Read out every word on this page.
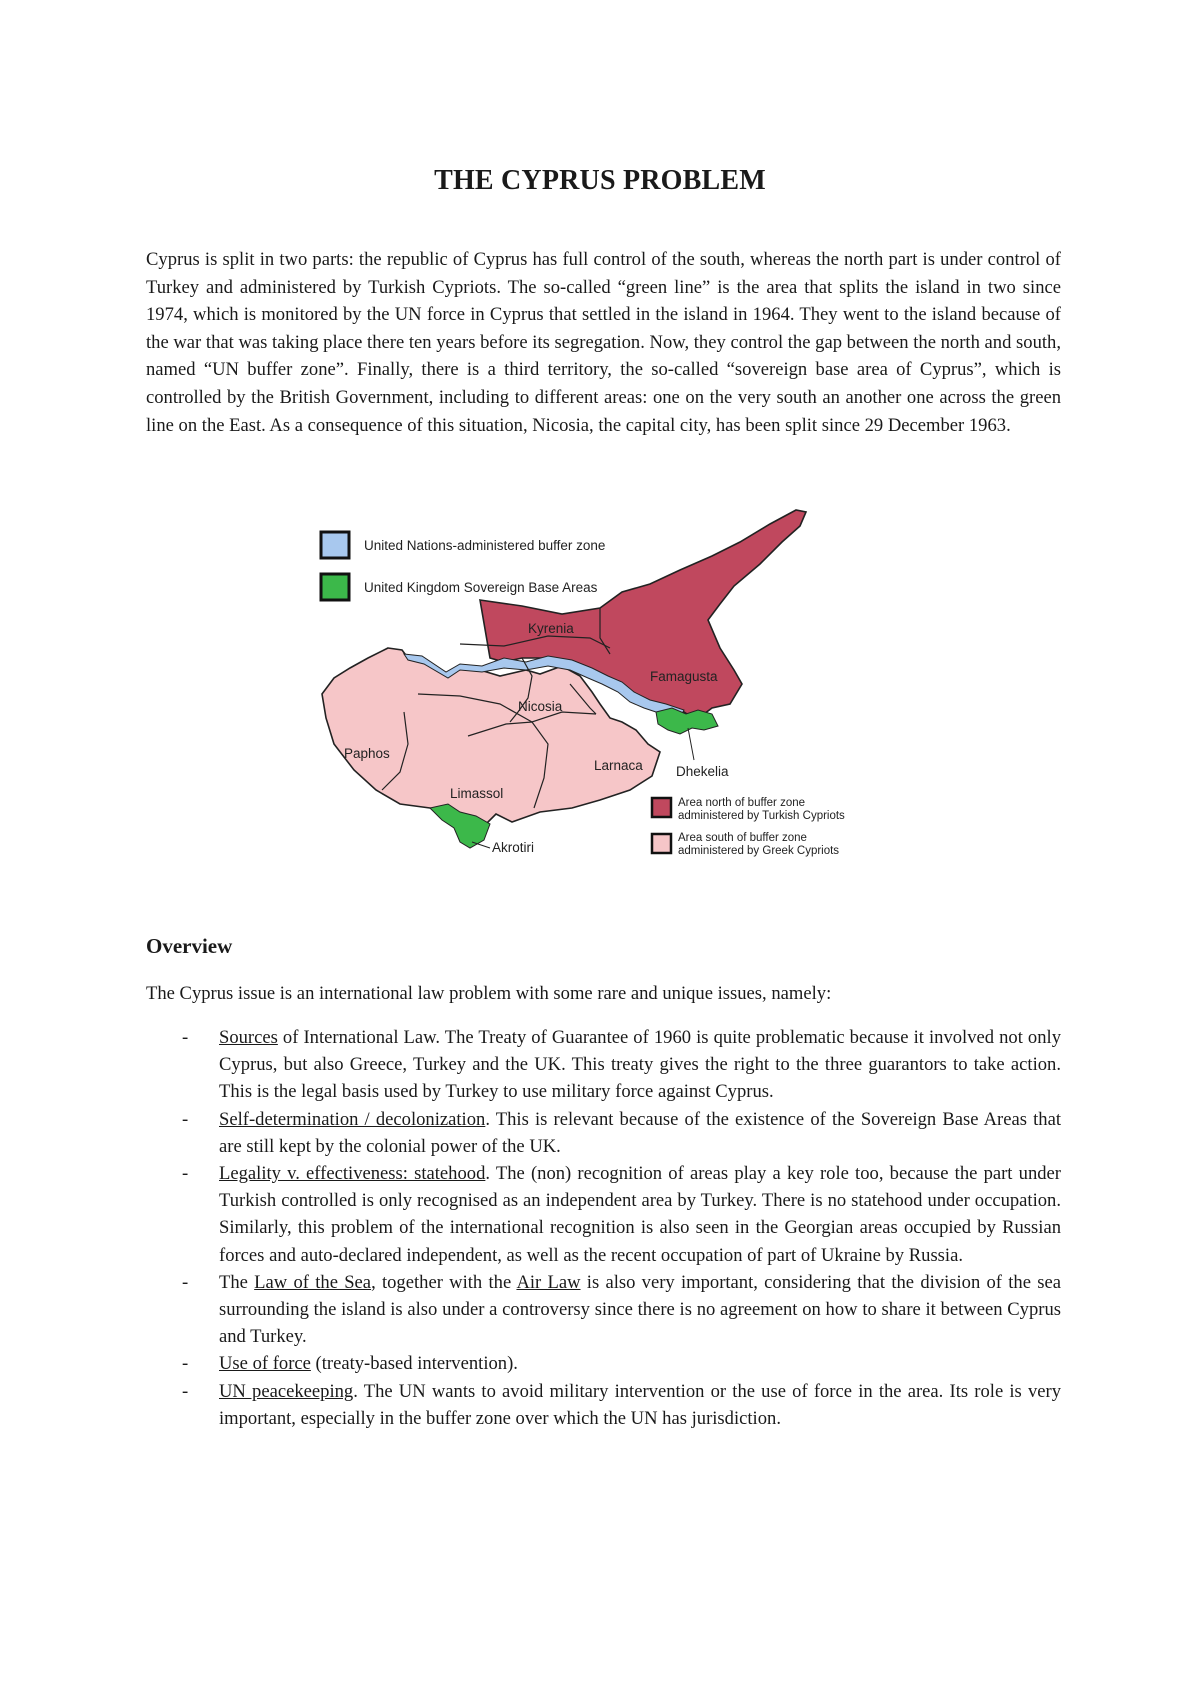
THE CYPRUS PROBLEM

Cyprus is split in two parts: the republic of Cyprus has full control of the south, whereas the north part is under control of Turkey and administered by Turkish Cypriots. The so-called “green line” is the area that splits the island in two since 1974, which is monitored by the UN force in Cyprus that settled in the island in 1964. They went to the island because of the war that was taking place there ten years before its segregation. Now, they control the gap between the north and south, named “UN buffer zone”. Finally, there is a third territory, the so-called “sovereign base area of Cyprus”, which is controlled by the British Government, including to different areas: one on the very south an another one across the green line on the East. As a consequence of this situation, Nicosia, the capital city, has been split since 29 December 1963.

United Nations-administered buffer zone
United Kingdom Sovereign Base Areas
Kyrenia
Famagusta
Nicosia
Paphos
Larnaca
Limassol
Dhekelia
Akrotiri
Area north of buffer zone
administered by Turkish Cypriots
Area south of buffer zone
administered by Greek Cypriots
Overview

The Cyprus issue is an international law problem with some rare and unique issues, namely:

- Sources of International Law. The Treaty of Guarantee of 1960 is quite problematic because it involved not only Cyprus, but also Greece, Turkey and the UK. This treaty gives the right to the three guarantors to take action. This is the legal basis used by Turkey to use military force against Cyprus.
- Self-determination / decolonization. This is relevant because of the existence of the Sovereign Base Areas that are still kept by the colonial power of the UK.
- Legality v. effectiveness: statehood. The (non) recognition of areas play a key role too, because the part under Turkish controlled is only recognised as an independent area by Turkey. There is no statehood under occupation. Similarly, this problem of the international recognition is also seen in the Georgian areas occupied by Russian forces and auto-declared independent, as well as the recent occupation of part of Ukraine by Russia.
- The Law of the Sea, together with the Air Law is also very important, considering that the division of the sea surrounding the island is also under a controversy since there is no agreement on how to share it between Cyprus and Turkey.
- Use of force (treaty-based intervention).
- UN peacekeeping. The UN wants to avoid military intervention or the use of force in the area. Its role is very important, especially in the buffer zone over which the UN has jurisdiction.
